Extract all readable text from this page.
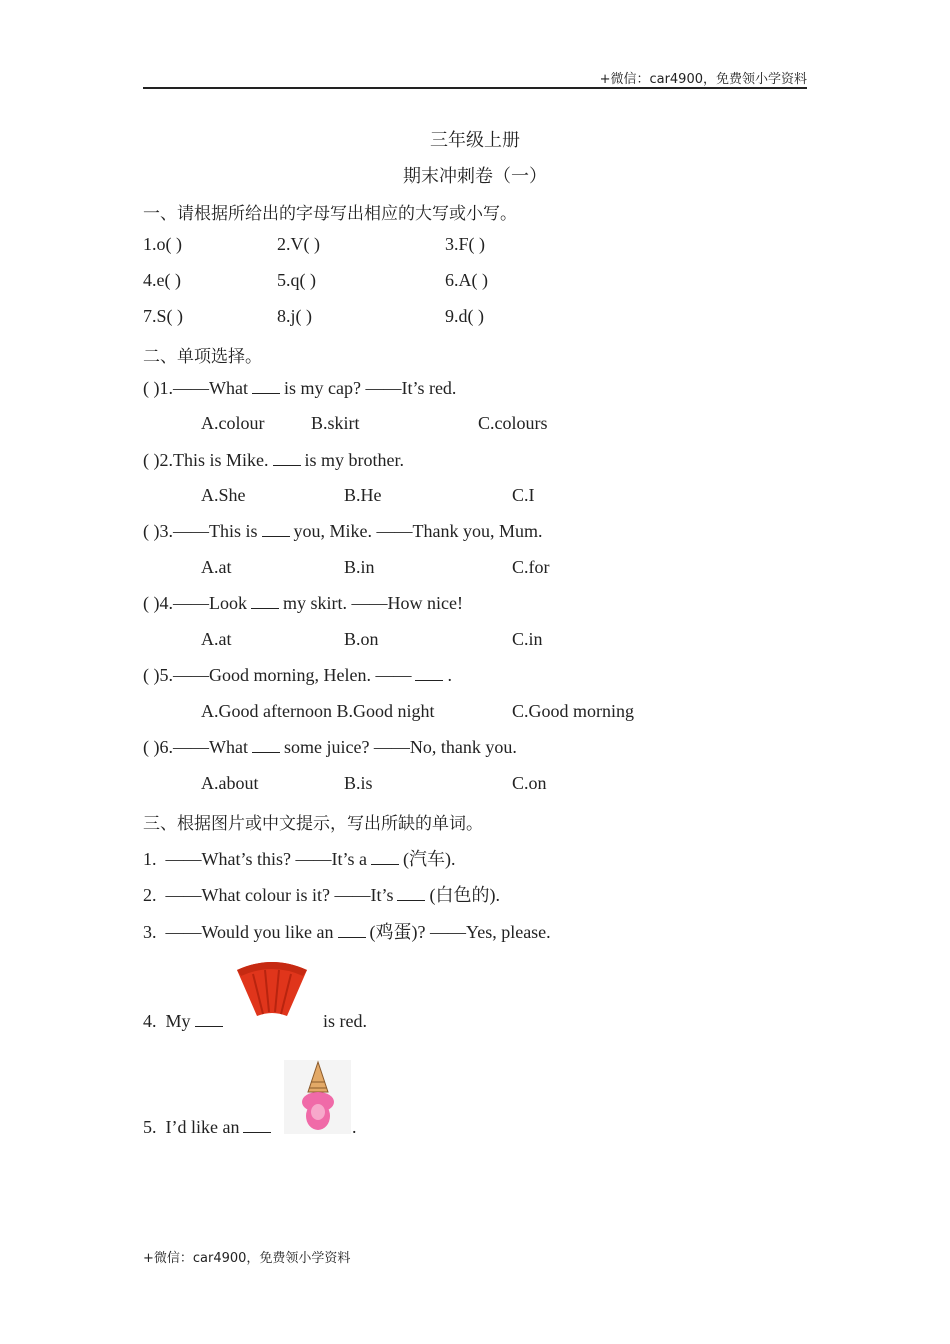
+微信：car4900，免费领小学资料
三年级上册
期末冲刺卷（一）
一、请根据所给出的字母写出相应的大写或小写。
1.o( )	2.V( )	3.F( )
4.e( )	5.q( )	6.A( )
7.S( )	8.j( )	9.d( )
二、单项选择。
( )1.——What is my cap? ——It’s red.
A.colour	B.skirt	C.colours
( )2.This is Mike. is my brother.
A.She	B.He	C.I
( )3.——This is you, Mike. ——Thank you, Mum.
A.at	B.in	C.for
( )4.——Look my skirt. ——How nice!
A.at	B.on	C.in
( )5.——Good morning, Helen. —— .
A.Good afternoon B.Good night	C.Good morning
( )6.——What some juice? ——No, thank you.
A.about	B.is	C.on
三、根据图片或中文提示，写出所缺的单词。
1. ——What’s this? ——It’s a (汽车).
2. ——What colour is it? ——It’s (白色的).
3. ——Would you like an (鸡蛋)? ——Yes, please.
4. My	is red.
5. I’d like an	.
+微信：car4900，免费领小学资料
